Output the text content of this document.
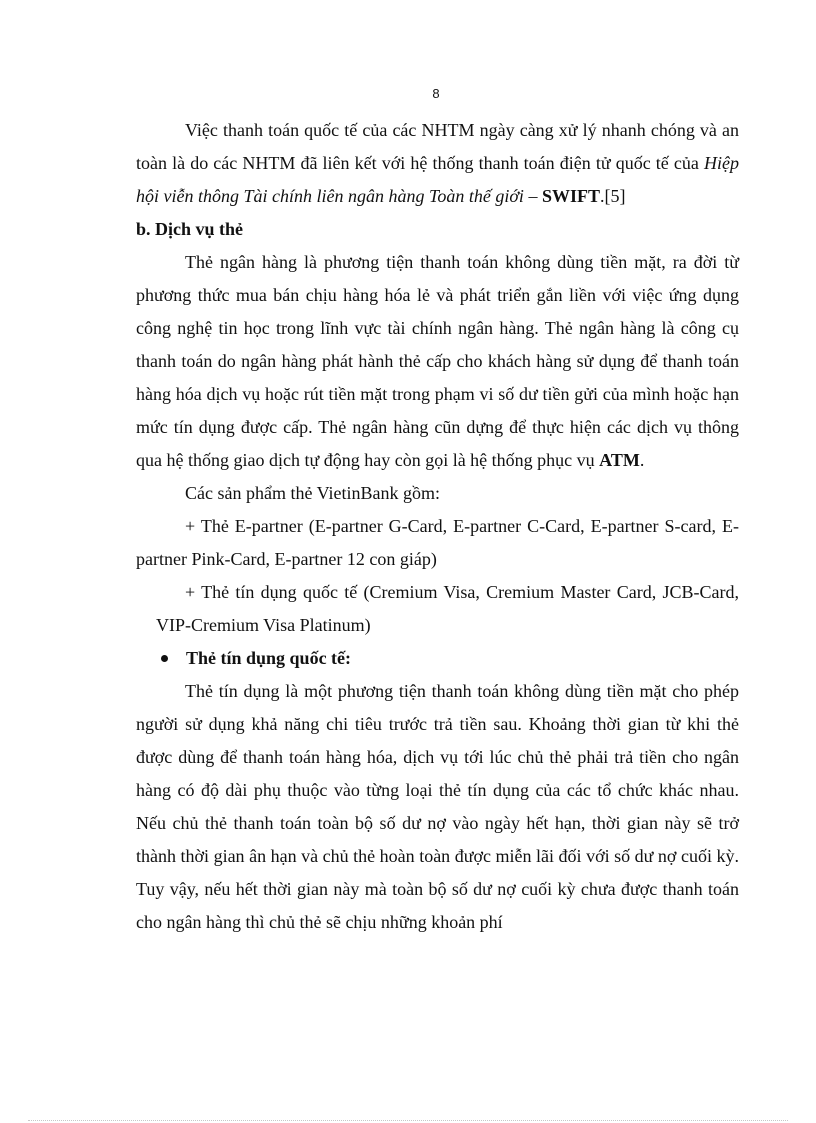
8

Việc thanh toán quốc tế của các NHTM ngày càng xử lý nhanh chóng và an toàn là do các NHTM đã liên kết với hệ thống thanh toán điện tử quốc tế của Hiệp hội viễn thông Tài chính liên ngân hàng Toàn thế giới – SWIFT.[5]

b. Dịch vụ thẻ

Thẻ ngân hàng là phương tiện thanh toán không dùng tiền mặt, ra đời từ phương thức mua bán chịu hàng hóa lẻ và phát triển gắn liền với việc ứng dụng công nghệ tin học trong lĩnh vực tài chính ngân hàng. Thẻ ngân hàng là công cụ thanh toán do ngân hàng phát hành thẻ cấp cho khách hàng sử dụng để thanh toán hàng hóa dịch vụ hoặc rút tiền mặt trong phạm vi số dư tiền gửi của mình hoặc hạn mức tín dụng được cấp. Thẻ ngân hàng cũn dựng để thực hiện các dịch vụ thông qua hệ thống giao dịch tự động hay còn gọi là hệ thống phục vụ ATM.

Các sản phẩm thẻ VietinBank gồm:

+ Thẻ E-partner (E-partner G-Card, E-partner C-Card, E-partner S-card, E- partner Pink-Card, E-partner 12 con giáp)

+ Thẻ tín dụng quốc tế (Cremium Visa, Cremium Master Card, JCB-Card, VIP-Cremium Visa Platinum)

Thẻ tín dụng quốc tế:

Thẻ tín dụng là một phương tiện thanh toán không dùng tiền mặt cho phép người sử dụng khả năng chi tiêu trước trả tiền sau. Khoảng thời gian từ khi thẻ được dùng để thanh toán hàng hóa, dịch vụ tới lúc chủ thẻ phải trả tiền cho ngân hàng có độ dài phụ thuộc vào từng loại thẻ tín dụng của các tổ chức khác nhau. Nếu chủ thẻ thanh toán toàn bộ số dư nợ vào ngày hết hạn, thời gian này sẽ trở thành thời gian ân hạn và chủ thẻ hoàn toàn được miễn lãi đối với số dư nợ cuối kỳ. Tuy vậy, nếu hết thời gian này mà toàn bộ số dư nợ cuối kỳ chưa được thanh toán cho ngân hàng thì chủ thẻ sẽ chịu những khoản phí
